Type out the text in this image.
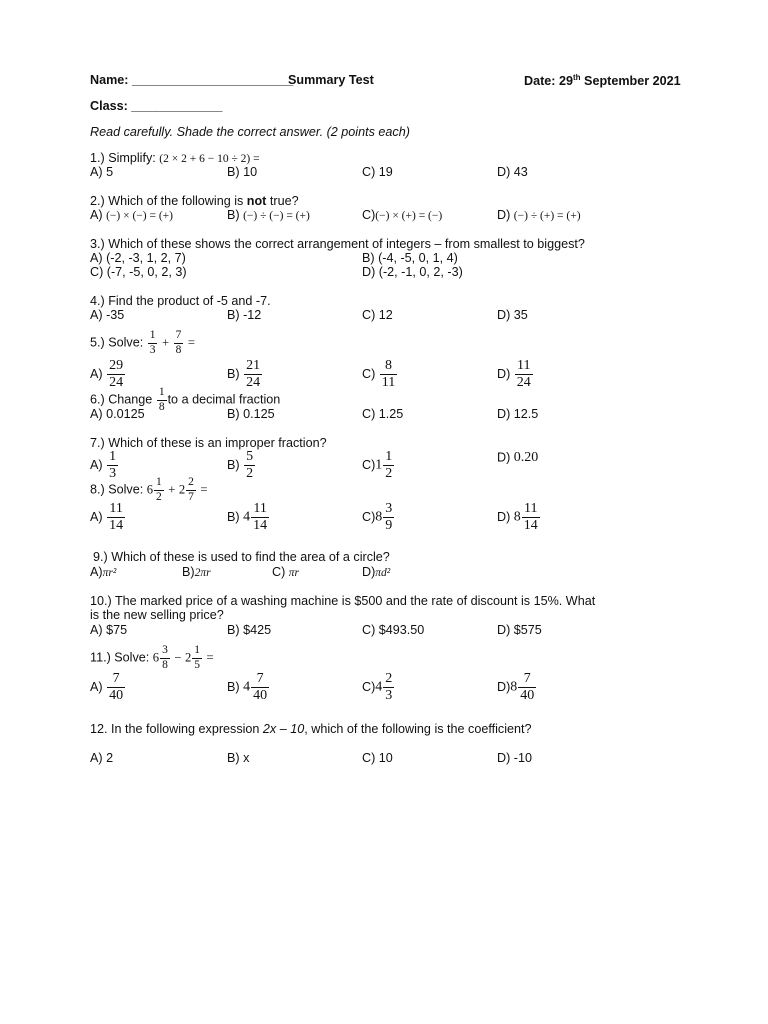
Name: _______________________
Summary Test	Date: 29th September 2021
Class: _____________
Read carefully. Shade the correct answer. (2 points each)
1.) Simplify: (2 × 2 + 6 − 10 ÷ 2) =
A) 5	B) 10	C) 19	D) 43
2.) Which of the following is not true?
A) (−) × (−) = (+)	B) (−) ÷ (−) = (+)	C)(−) × (+) = (−)	D) (−) ÷ (+) = (+)
3.) Which of these shows the correct arrangement of integers – from smallest to biggest?
A) (-2, -3, 1, 2, 7)	B) (-4, -5, 0, 1, 4)
C) (-7, -5, 0, 2, 3)	D) (-2, -1, 0, 2, -3)
4.) Find the product of -5 and -7.
A) -35	B) -12	C) 12	D) 35
5.) Solve: $\frac{1}{3} + \frac{7}{8}$ =
$A) \frac{29}{24}$	$B) \frac{21}{24}$	$C) \frac{8}{11}$	$D) \frac{11}{24}$
6.) Change $\frac{1}{8}$ to a decimal fraction
A) 0.0125	B) 0.125	C) 1.25	D) 12.5
7.) Which of these is an improper fraction?
$A) \frac{1}{3}$	$B) \frac{5}{2}$	$C)1 \frac{1}{2}$	D) 0.20
8.) Solve: $6 \frac{1}{2} + 2 \frac{2}{7}$ =
$A) \frac{11}{14}$	B) $4 \frac{11}{14}$	$C)8 \frac{3}{9}$	D) $8 \frac{11}{14}$
9.) Which of these is used to find the area of a circle?
A)πr²	B)2πr	C) πr	D)πd²
10.) The marked price of a washing machine is $500 and the rate of discount is 15%. What
is the new selling price?
A) $75	B) $425	C) $493.50	D) $575
11.) Solve: $6 \frac{3}{8} - 2 \frac{1}{5}$ =
$A) \frac{7}{40}$	B) $4 \frac{7}{40}$	$C)4 \frac{2}{3}$	$D)8 \frac{7}{40}$
12. In the following expression 2x – 10, which of the following is the coefficient?
A) 2	B) x	C) 10	D) -10
